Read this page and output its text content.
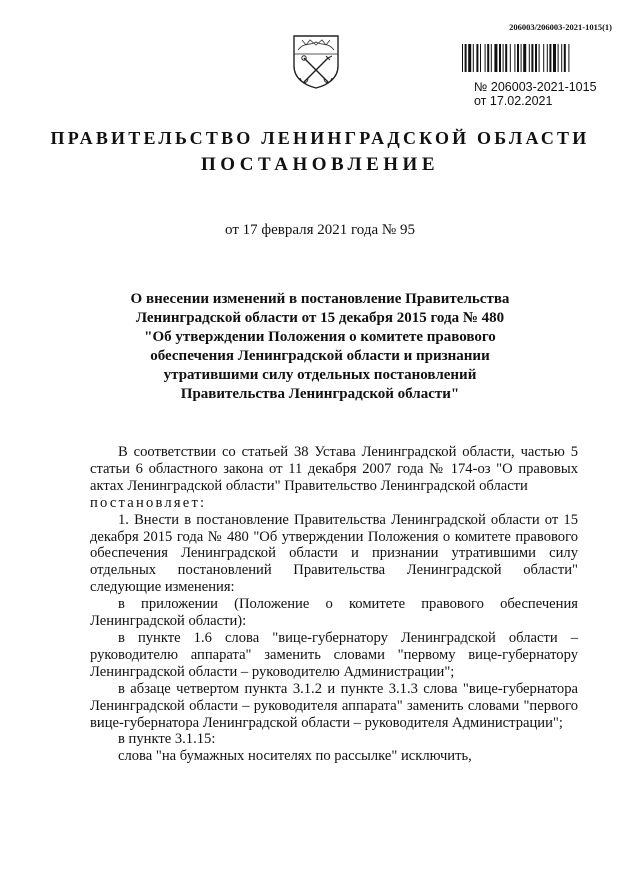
206003/206003-2021-1015(1)
№ 206003-2021-1015
от 17.02.2021
ПРАВИТЕЛЬСТВО ЛЕНИНГРАДСКОЙ ОБЛАСТИ
ПОСТАНОВЛЕНИЕ
от 17 февраля 2021 года № 95
О внесении изменений в постановление Правительства
Ленинградской области от 15 декабря 2015 года № 480
"Об утверждении Положения о комитете правового
обеспечения Ленинградской области и признании
утратившими силу отдельных постановлений
Правительства Ленинградской области"

В соответствии со статьей 38 Устава Ленинградской области, частью 5 статьи 6 областного закона от 11 декабря 2007 года № 174-оз "О правовых актах Ленинградской области" Правительство Ленинградской области

постановляет:

1. Внести в постановление Правительства Ленинградской области от 15 декабря 2015 года № 480 "Об утверждении Положения о комитете правового обеспечения Ленинградской области и признании утратившими силу отдельных постановлений Правительства Ленинградской области" следующие изменения:

в приложении (Положение о комитете правового обеспечения Ленинградской области):

в пункте 1.6 слова "вице-губернатору Ленинградской области – руководителю аппарата" заменить словами "первому вице-губернатору Ленинградской области – руководителю Администрации";

в абзаце четвертом пункта 3.1.2 и пункте 3.1.3 слова "вице-губернатора Ленинградской области – руководителя аппарата" заменить словами "первого вице-губернатора Ленинградской области – руководителя Администрации";

в пункте 3.1.15:

слова "на бумажных носителях по рассылке" исключить,
